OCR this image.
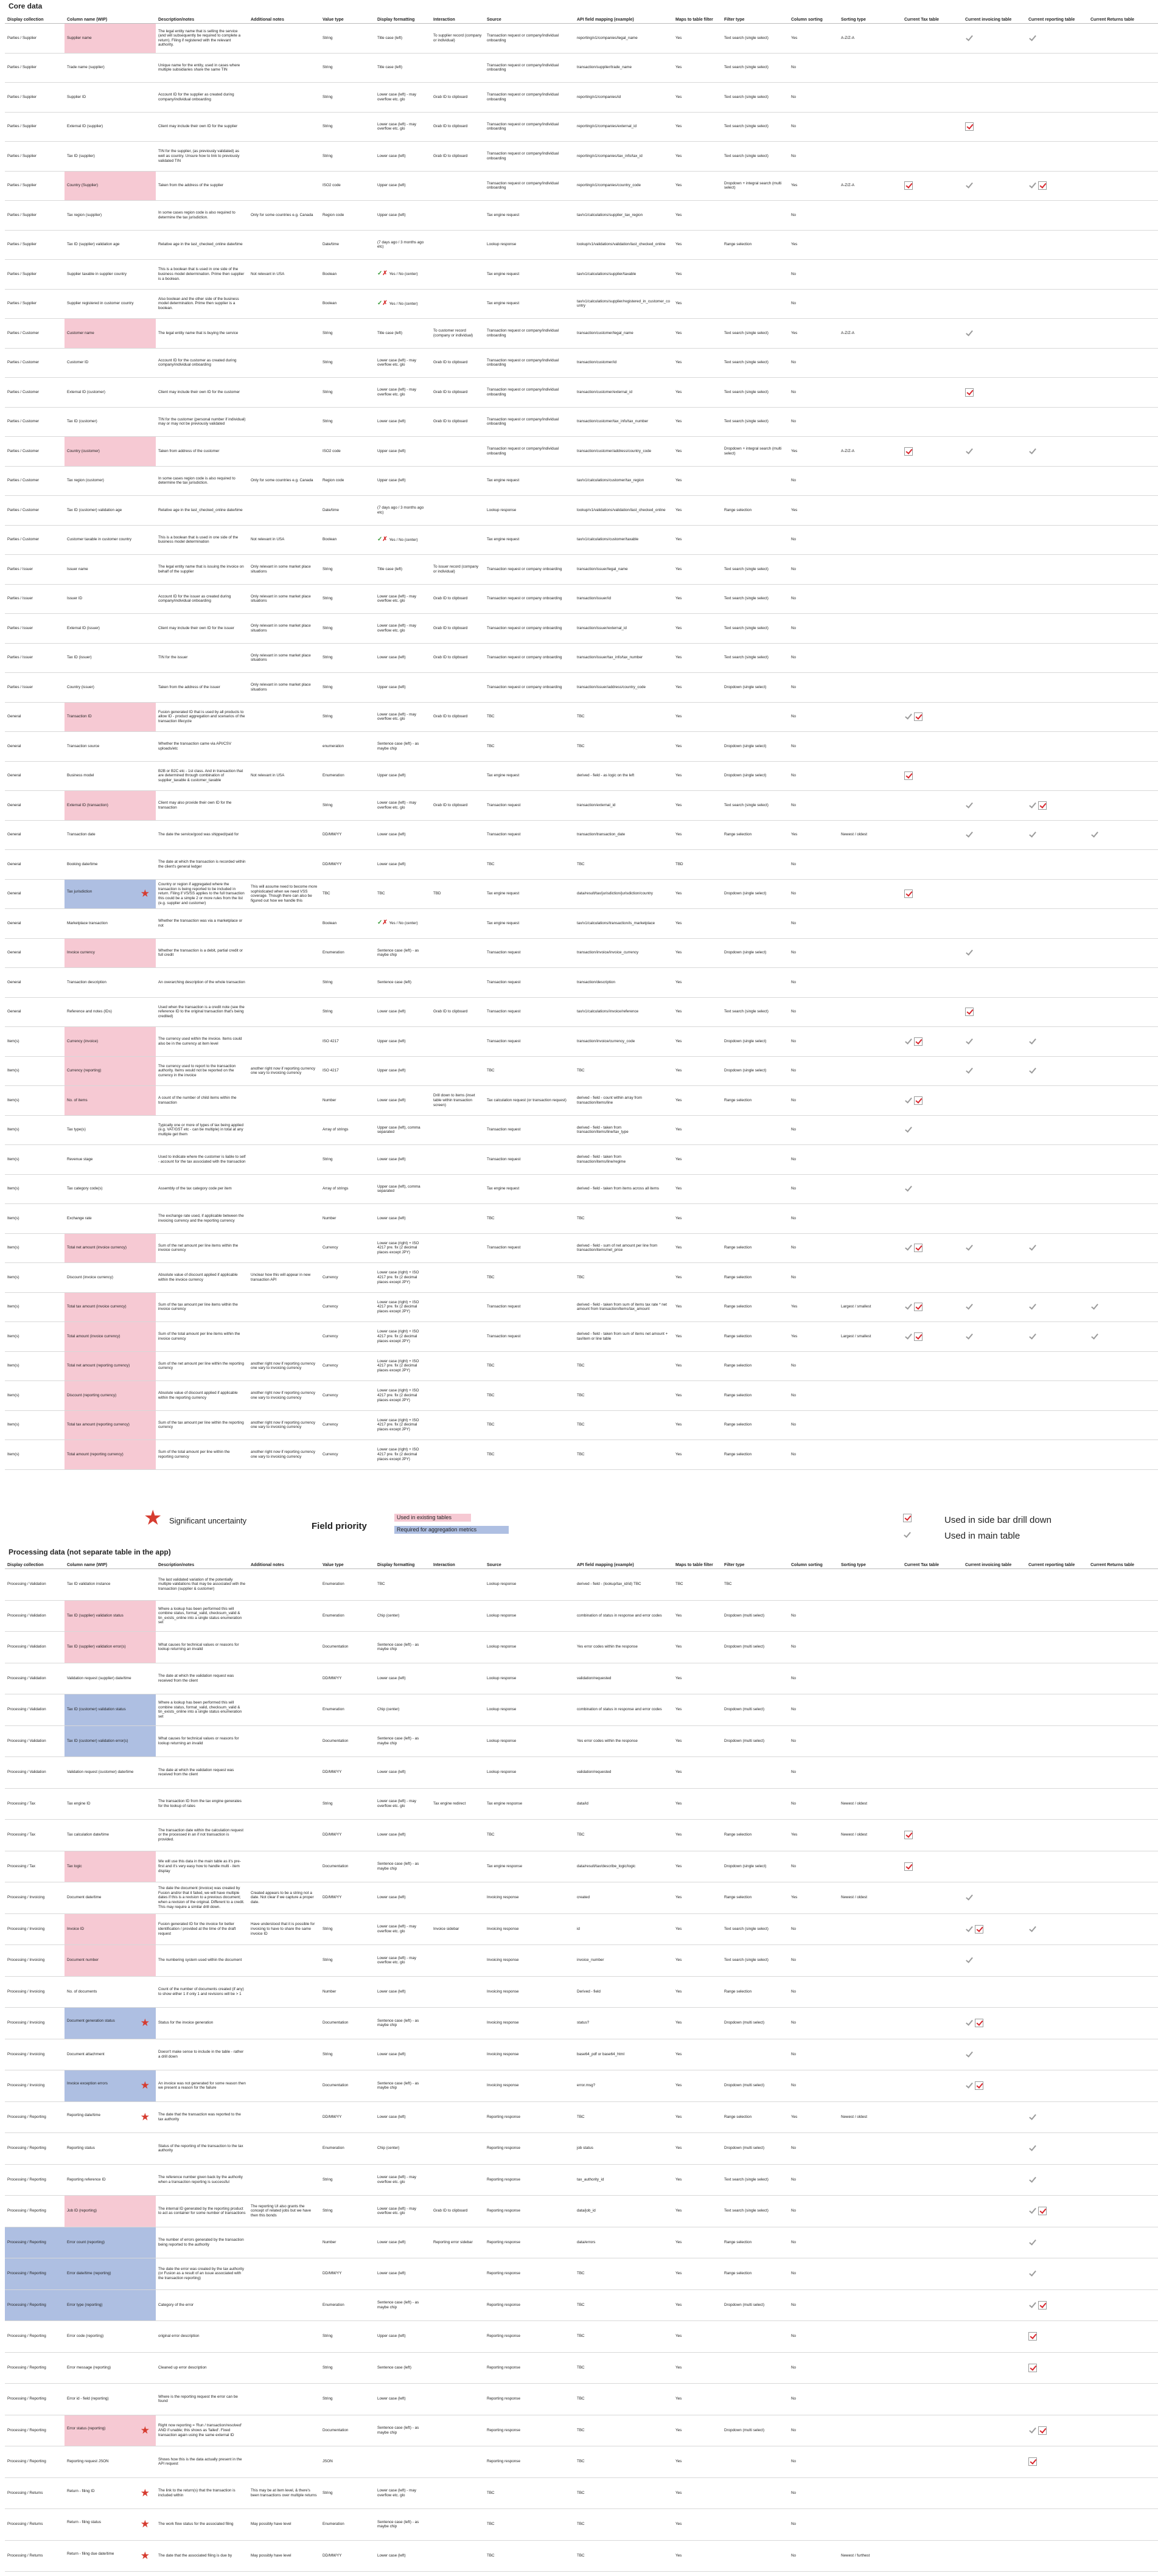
Core data
Display collection	Column name (WIP)	Description/notes	Additional notes	Value type	Display formatting	Interaction	Source	API field mapping (example)	Maps to table filter	Filter type	Column sorting	Sorting type	Current Tax table	Current invoicing table	Current reporting table	Current Returns table
Parties / Supplier	Supplier name	The legal entity name that is selling the service (and will subsequently be required to complete a return). Filing if registered with the relevant authority.		String	Title case (left)	To supplier record (company or individual)	Transaction request or company/individual onboarding	reporting/v1/companies/legal_name	Yes	Text search (single select)	Yes	A-Z/Z-A				
Parties / Supplier	Trade name (supplier)	Unique name for the entity, used in cases where multiple subsidiaries share the same TIN		String	Title case (left)		Transaction request or company/individual onboarding	transaction/supplier/trade_name	Yes	Text search (single select)	No					
Parties / Supplier	Supplier ID	Account ID for the supplier as created during company/individual onboarding		String	Lower case (left) - may overflow etc. glo	Grab ID to clipboard	Transaction request or company/individual onboarding	reporting/v1/companies/id	Yes	Text search (single select)	No					
Parties / Supplier	External ID (supplier)	Client may include their own ID for the supplier		String	Lower case (left) - may overflow etc. glo	Grab ID to clipboard	Transaction request or company/individual onboarding	reporting/v1/companies/external_id	Yes	Text search (single select)	No					
Parties / Supplier	Tax ID (supplier)	TIN for the supplier, (as previously validated) as well as country. Unsure how to link to previously validated TIN		String	Lower case (left)	Grab ID to clipboard	Transaction request or company/individual onboarding	reporting/v1/companies/tax_info/tax_id	Yes	Text search (single select)	No					
Parties / Supplier	Country (Supplier)	Taken from the address of the supplier		ISO2 code	Upper case (left)		Transaction request or company/individual onboarding	reporting/v1/companies/country_code	Yes	Dropdown + integral search (multi select)	Yes	A-Z/Z-A				
Parties / Supplier	Tax region (supplier)	In some cases region code is also required to determine the tax jurisdiction.	Only for some countries e.g. Canada	Region code	Upper case (left)		Tax engine request	tax/v1/calculations/supplier_tax_region	Yes		No					
Parties / Supplier	Tax ID (supplier) validation age	Relative age in the last_checked_online date/time		Date/time	(7 days ago / 3 months ago etc)		Lookup response	lookup/v1/validations/validation/last_checked_online	Yes	Range selection	Yes					
Parties / Supplier	Supplier taxable in supplier country	This is a boolean that is used in one side of the business model determination. Prime then supplier is a boolean.	Not relevant in USA	Boolean	✓✗ Yes / No (center)		Tax engine request	tax/v1/calculations/supplier/taxable	Yes		No					
Parties / Supplier	Supplier registered in customer country	Also boolean and the other side of the business model determination. Prime then supplier is a boolean.		Boolean	✓✗ Yes / No (center)		Tax engine request	tax/v1/calculations/supplier/registered_in_customer_country	Yes		No					
Parties / Customer	Customer name	The legal entity name that is buying the service		String	Title case (left)	To customer record (company or individual)	Transaction request or company/individual onboarding	transaction/customer/legal_name	Yes	Text search (single select)	Yes	A-Z/Z-A				
Parties / Customer	Customer ID	Account ID for the customer as created during company/individual onboarding		String	Lower case (left) - may overflow etc. glo	Grab ID to clipboard	Transaction request or company/individual onboarding	transaction/customer/id	Yes	Text search (single select)	No					
Parties / Customer	External ID (customer)	Client may include their own ID for the customer		String	Lower case (left) - may overflow etc. glo	Grab ID to clipboard	Transaction request or company/individual onboarding	transaction/customer/external_id	Yes	Text search (single select)	No					
Parties / Customer	Tax ID (customer)	TIN for the customer (personal number if individual) may or may not be previously validated		String	Lower case (left)	Grab ID to clipboard	Transaction request or company/individual onboarding	transaction/customer/tax_info/tax_number	Yes	Text search (single select)	No					
Parties / Customer	Country (customer)	Taken from address of the customer		ISO2 code	Upper case (left)		Transaction request or company/individual onboarding	transaction/customer/address/country_code	Yes	Dropdown + integral search (multi select)	Yes	A-Z/Z-A				
Parties / Customer	Tax region (customer)	In some cases region code is also required to determine the tax jurisdiction.	Only for some countries e.g. Canada	Region code	Upper case (left)		Tax engine request	tax/v1/calculations/customer/tax_region	Yes		No					
Parties / Customer	Tax ID (customer) validation age	Relative age in the last_checked_online date/time		Date/time	(7 days ago / 3 months ago etc)		Lookup response	lookup/v1/validations/validation/last_checked_online	Yes	Range selection	Yes					
Parties / Customer	Customer taxable in customer country	This is a boolean that is used in one side of the business model determination	Not relevant in USA	Boolean	✓✗ Yes / No (center)		Tax engine request	tax/v1/calculations/customer/taxable	Yes		No					
Parties / Issuer	Issuer name	The legal entity name that is issuing the invoice on behalf of the supplier	Only relevant in some market place situations	String	Title case (left)	To issuer record (company or individual)	Transaction request or company onboarding	transaction/issuer/legal_name	Yes	Text search (single select)	No					
Parties / Issuer	Issuer ID	Account ID for the issuer as created during company/individual onboarding	Only relevant in some market place situations	String	Lower case (left) - may overflow etc. glo	Grab ID to clipboard	Transaction request or company onboarding	transaction/issuer/id	Yes	Text search (single select)	No					
Parties / Issuer	External ID (issuer)	Client may include their own ID for the issuer	Only relevant in some market place situations	String	Lower case (left) - may overflow etc. glo	Grab ID to clipboard	Transaction request or company onboarding	transaction/issuer/external_id	Yes	Text search (single select)	No					
Parties / Issuer	Tax ID (issuer)	TIN for the issuer	Only relevant in some market place situations	String	Lower case (left)	Grab ID to clipboard	Transaction request or company onboarding	transaction/issuer/tax_info/tax_number	Yes	Text search (single select)	No					
Parties / Issuer	Country (issuer)	Taken from the address of the issuer	Only relevant in some market place situations	String	Upper case (left)		Transaction request or company onboarding	transaction/issuer/address/country_code	Yes	Dropdown (single select)	No					
General	Transaction ID	Fusion generated ID that is used by all products to allow ID - product aggregation and scenarios of the transaction lifecycle		String	Lower case (left) - may overflow etc. glo	Grab ID to clipboard	TBC	TBC	Yes		No					
General	Transaction source	Whether the transaction came via API/CSV uploads/etc		enumeration	Sentence case (left) - as maybe chip		TBC	TBC	Yes	Dropdown (single select)	No					
General	Business model	B2B or B2C etc - 1st class. And in transaction that are determined through combination of supplier_taxable & customer_taxable	Not relevant in USA	Enumeration	Upper case (left)		Tax engine request	derived - field - as logic on the left	Yes	Dropdown (single select)	No					
General	External ID (transaction)	Client may also provide their own ID for the transaction		String	Lower case (left) - may overflow etc. glo	Grab ID to clipboard	Transaction request	transaction/external_id	Yes	Text search (single select)	No					
General	Transaction date	The date the service/good was shipped/paid for		DD/MM/YY	Lower case (left)		Transaction request	transaction/transaction_date	Yes	Range selection	Yes	Newest / oldest				
General	Booking date/time	The date at which the transaction is recorded within the client's general ledger		DD/MM/YY	Lower case (left)		TBC	TBC	TBD		No					
General	★
Tax jurisdiction	Country or region if aggregated where the transaction is being reported to be included in return. Filing if VS/SS applies to the full transaction this could be a simple 2 or more rules from the list (e.g. supplier and customer)	This will assume need to become more sophisticated when we need VSS coverage. Though there can also be figured out how we handle this	TBC	TBC	TBD	Tax engine request	data/result/tax/jurisdiction/jurisdiction/country	Yes	Dropdown (single select)	No					
General	Marketplace transaction	Whether the transaction was via a marketplace or not		Boolean	✓✗ Yes / No (center)		Tax engine request	tax/v1/calculations/transaction/is_marketplace	Yes		No					
General	Invoice currency	Whether the transaction is a debit, partial credit or full credit		Enumeration	Sentence case (left) - as maybe chip		Transaction request	transaction/invoice/invoice_currency	Yes	Dropdown (single select)	No					
General	Transaction description	An overarching description of the whole transaction		String	Sentence case (left)		Transaction request	transaction/description	Yes		No					
General	Reference and notes (IDs)	Used when the transaction is a credit note (see the reference ID to the original transaction that's being credited)		String	Lower case (left)	Grab ID to clipboard	Transaction request	tax/v1/calculations/invoice/reference	Yes	Text search (single select)	No					
Item(s)	Currency (invoice)	The currency used within the invoice. Items could also be in the currency at item level		ISO 4217	Upper case (left)		Transaction request	transaction/invoice/currency_code	Yes	Dropdown (single select)	No					
Item(s)	Currency (reporting)	The currency used to report to the transaction authority. Items would not be reported on the currency in the invoice	another right now if reporting currency one vary to invoicing currency	ISO 4217	Upper case (left)		TBC	TBC	Yes	Dropdown (single select)	No					
Item(s)	No. of items	A count of the number of child items within the transaction		Number	Lower case (left)	Drill down to items (inset table within transaction screen)	Tax calculation request (or transaction request)	derived - field - count within array from transaction/items/line	Yes	Range selection	No					
Item(s)	Tax type(s)	Typically one or more of types of tax being applied (e.g. VAT/GST etc - can be multiple) in total at any multiple get them		Array of strings	Upper case (left), comma separated		Transaction request	derived - field - taken from transaction/items/line/tax_type	Yes		No					
Item(s)	Revenue stage	Used to indicate where the customer is liable to self - account for the tax associated with the transaction		String	Lower case (left)		Transaction request	derived - field - taken from transaction/items/line/regime	Yes		No					
Item(s)	Tax category code(s)	Assembly of the tax category code per item		Array of strings	Upper case (left), comma separated		Tax engine request	derived - field - taken from items across all items	Yes		No					
Item(s)	Exchange rate	The exchange rate used, if applicable between the invoicing currency and the reporting currency		Number	Lower case (left)		TBC	TBC	Yes		No					
Item(s)	Total net amount (invoice currency)	Sum of the net amount per line items within the invoice currency		Currency	Lower case (right) + ISO 4217 pre. fix (2 decimal places except JPY)		Transaction request	derived - field - sum of net amount per line from transaction/items/net_price	Yes	Range selection	No					
Item(s)	Discount (invoice currency)	Absolute value of discount applied if applicable within the invoice currency	Unclear how this will appear in new transaction API	Currency	Lower case (right) + ISO 4217 pre. fix (2 decimal places except JPY)		TBC	TBC	Yes	Range selection	No					
Item(s)	Total tax amount (invoice currency)	Sum of the tax amount per line items within the invoice currency		Currency	Lower case (right) + ISO 4217 pre. fix (2 decimal places except JPY)		Transaction request	derived - field - taken from sum of items tax rate * net amount from transaction/items/tax_amount	Yes	Range selection	Yes	Largest / smallest				
Item(s)	Total amount (invoice currency)	Sum of the total amount per line items within the invoice currency		Currency	Lower case (right) + ISO 4217 pre. fix (2 decimal places except JPY)		Transaction request	derived - field - taken from sum of items net amount + tax/item or line table	Yes	Range selection	Yes	Largest / smallest				
Item(s)	Total net amount (reporting currency)	Sum of the net amount per line within the reporting currency	another right now if reporting currency one vary to invoicing currency	Currency	Lower case (right) + ISO 4217 pre. fix (2 decimal places except JPY)		TBC	TBC	Yes	Range selection	No					
Item(s)	Discount (reporting currency)	Absolute value of discount applied if applicable within the reporting currency	another right now if reporting currency one vary to invoicing currency	Currency	Lower case (right) + ISO 4217 pre. fix (2 decimal places except JPY)		TBC	TBC	Yes	Range selection	No					
Item(s)	Total tax amount (reporting currency)	Sum of the tax amount per line within the reporting currency	another right now if reporting currency one vary to invoicing currency	Currency	Lower case (right) + ISO 4217 pre. fix (2 decimal places except JPY)		TBC	TBC	Yes	Range selection	No					
Item(s)	Total amount (reporting currency)	Sum of the total amount per line within the reporting currency	another right now if reporting currency one vary to invoicing currency	Currency	Lower case (right) + ISO 4217 pre. fix (2 decimal places except JPY)		TBC	TBC	Yes	Range selection	No					
★ Significant uncertainty
Field priority
Used in existing tables
Required for aggregation metrics
Used in side bar drill down
Used in main table
Processing data (not separate table in the app)
Display collection	Column name (WIP)	Description/notes	Additional notes	Value type	Display formatting	Interaction	Source	API field mapping (example)	Maps to table filter	Filter type	Column sorting	Sorting type	Current Tax table	Current invoicing table	Current reporting table	Current Returns table
Processing / Validation	Tax ID validation instance	The last validated variation of the potentially multiple validations that may be associated with the transaction (supplier & customer)		Enumeration	TBC		Lookup response	derived - field - (lookup/tax_id/id) TBC	TBC	TBC						
Processing / Validation	Tax ID (supplier) validation status	Where a lookup has been performed this will combine status, format_valid, checksum_valid & tin_exists_online into a single status enumeration set		Enumeration	Chip (center)		Lookup response	combination of status in response and error codes	Yes	Dropdown (multi select)	No					
Processing / Validation	Tax ID (supplier) validation error(s)	What causes for technical values or reasons for lookup returning an invalid		Documentation	Sentence case (left) - as maybe chip		Lookup response	Yes error codes within the response	Yes	Dropdown (multi select)	No					
Processing / Validation	Validation request (supplier) date/time	The date at which the validation request was received from the client		DD/MM/YY	Lower case (left)		Lookup response	validation/requested	Yes		No					
Processing / Validation	Tax ID (customer) validation status	Where a lookup has been performed this will combine status, format_valid, checksum_valid & tin_exists_online into a single status enumeration set		Enumeration	Chip (center)		Lookup response	combination of status in response and error codes	Yes	Dropdown (multi select)	No					
Processing / Validation	Tax ID (customer) validation error(s)	What causes for technical values or reasons for lookup returning an invalid		Documentation	Sentence case (left) - as maybe chip		Lookup response	Yes error codes within the response	Yes	Dropdown (multi select)	No					
Processing / Validation	Validation request (customer) date/time	The date at which the validation request was received from the client		DD/MM/YY	Lower case (left)		Lookup response	validation/requested	Yes		No					
Processing / Tax	Tax engine ID	The transaction ID from the tax engine generates for the lookup of rates		String	Lower case (left) - may overflow etc. glo	Tax engine redirect	Tax engine response	data/id	Yes		No	Newest / oldest				
Processing / Tax	Tax calculation date/time	The transaction date within the calculation request or the processed in an if not transaction is provided.		DD/MM/YY	Lower case (left)		TBC	TBC	Yes	Range selection	Yes	Newest / oldest				
Processing / Tax	Tax logic	We will use this data in the main table as it's pre-first and it's very easy how to handle multi - item display		Documentation	Sentence case (left) - as maybe chip		Tax engine response	data/result/tax/describe_logic/logic	Yes	Dropdown (single select)	No					
Processing / Invoicing	Document date/time	The date the document (invoice) was created by Fusion and/or that it failed, we will have multiple dates if this is a revision to a previous document; when a revision of the original. Different to a credit. This may require a similar drill down.	Created appears to be a string not a date. Not clear if we capture a proper date.	DD/MM/YY	Lower case (left)		Invoicing response	created	Yes	Range selection	Yes	Newest / oldest				
Processing / Invoicing	Invoice ID	Fusion generated ID for the invoice for better identification / provided at the time of the draft request	Have understood that it is possible for invoicing to have to share the same invoice ID	String	Lower case (left) - may overflow etc. glo	Invoice sidebar	Invoicing response	id	Yes	Text search (single select)	No					
Processing / Invoicing	Document number	The numbering system used within the document		String	Lower case (left) - may overflow etc. glo		Invoicing response	invoice_number	Yes	Text search (single select)	No					
Processing / Invoicing	No. of documents	Count of the number of documents created (if any) to show either 1 if only 1 and revisions will be > 1		Number	Lower case (left)		Invoicing response	Derived - field	Yes	Range selection	No					
Processing / Invoicing	★
Document generation status	Status for the invoice generation		Documentation	Sentence case (left) - as maybe chip		Invoicing response	status?	Yes	Dropdown (multi select)	No					
Processing / Invoicing	Document attachment	Doesn't make sense to include in the table - rather a drill down		String	Lower case (left)		Invoicing response	base64_pdf or base64_html	Yes		No					
Processing / Invoicing	★
Invoice exception errors	An invoice was not generated for some reason then we present a reason for the failure		Documentation	Sentence case (left) - as maybe chip		Invoicing response	error.msg?	Yes	Dropdown (multi select)	No					
Processing / Reporting	★
Reporting date/time	The date that the transaction was reported to the tax authority		DD/MM/YY	Lower case (left)		Reporting response	TBC	Yes	Range selection	Yes	Newest / oldest				
Processing / Reporting	Reporting status	Status of the reporting of the transaction to the tax authority		Enumeration	Chip (center)		Reporting response	job status	Yes	Dropdown (multi select)	No					
Processing / Reporting	Reporting reference ID	The reference number given back by the authority when a transaction reporting is successful		String	Lower case (left) - may overflow etc. glo		Reporting response	tax_authority_id	Yes	Text search (single select)	No					
Processing / Reporting	Job ID (reporting)	The internal ID generated by the reporting product to act as container for some number of transactions	The reporting UI also grants the concept of related jobs but we have then this bonds	String	Lower case (left) - may overflow etc. glo	Grab ID to clipboard	Reporting response	data/job_id	Yes	Text search (single select)	No					
Processing / Reporting	Error count (reporting)	The number of errors generated by the transaction being reported to the authority		Number	Lower case (left)	Reporting error sidebar	Reporting response	data/errors	Yes	Range selection	No					
Processing / Reporting	Error date/time (reporting)	The date the error was created by the tax authority (or Fusion as a result of an issue associated with the transaction reporting)		DD/MM/YY	Lower case (left)		Reporting response	TBC	Yes	Range selection	No					
Processing / Reporting	Error type (reporting)	Category of the error		Enumeration	Sentence case (left) - as maybe chip		Reporting response	TBC	Yes	Dropdown (multi select)	No					
Processing / Reporting	Error code (reporting)	original error description		String	Upper case (left)		Reporting response	TBC	Yes		No					
Processing / Reporting	Error message (reporting)	Cleaned up error description		String	Sentence case (left)		Reporting response	TBC	Yes		No					
Processing / Reporting	Error id - field (reporting)	Where is the reporting request the error can be found		String	Lower case (left)		Reporting response	TBC	Yes		No					
Processing / Reporting	★
Error status (reporting)	Right now reporting = 'Run / transaction/resolved' AND if unable; this shows as 'failed'. Fixed transaction again using the same external ID		Documentation	Sentence case (left) - as maybe chip		Reporting response	TBC	Yes	Dropdown (multi select)	No					
Processing / Reporting	Reporting request JSON	Shows how this is the data actually present in the API request		JSON			Reporting response	TBC	Yes		No					
Processing / Returns	★
Return - filing ID	The link to the return(s) that the transaction is included within	This may be at item level, & there's been transactions over multiple returns	String	Lower case (left) - may overflow etc. glo		TBC	TBC	Yes		No					
Processing / Returns	★
Return - filing status	The work flow status for the associated filing	May possibly have level	Enumeration	Sentence case (left) - as maybe chip		TBC	TBC	Yes		No					
Processing / Returns	★
Return - filing due date/time	The date that the associated filing is due by	May possibly have level	DD/MM/YY	Lower case (left)		TBC	TBC	Yes		No	Newest / furthest				
